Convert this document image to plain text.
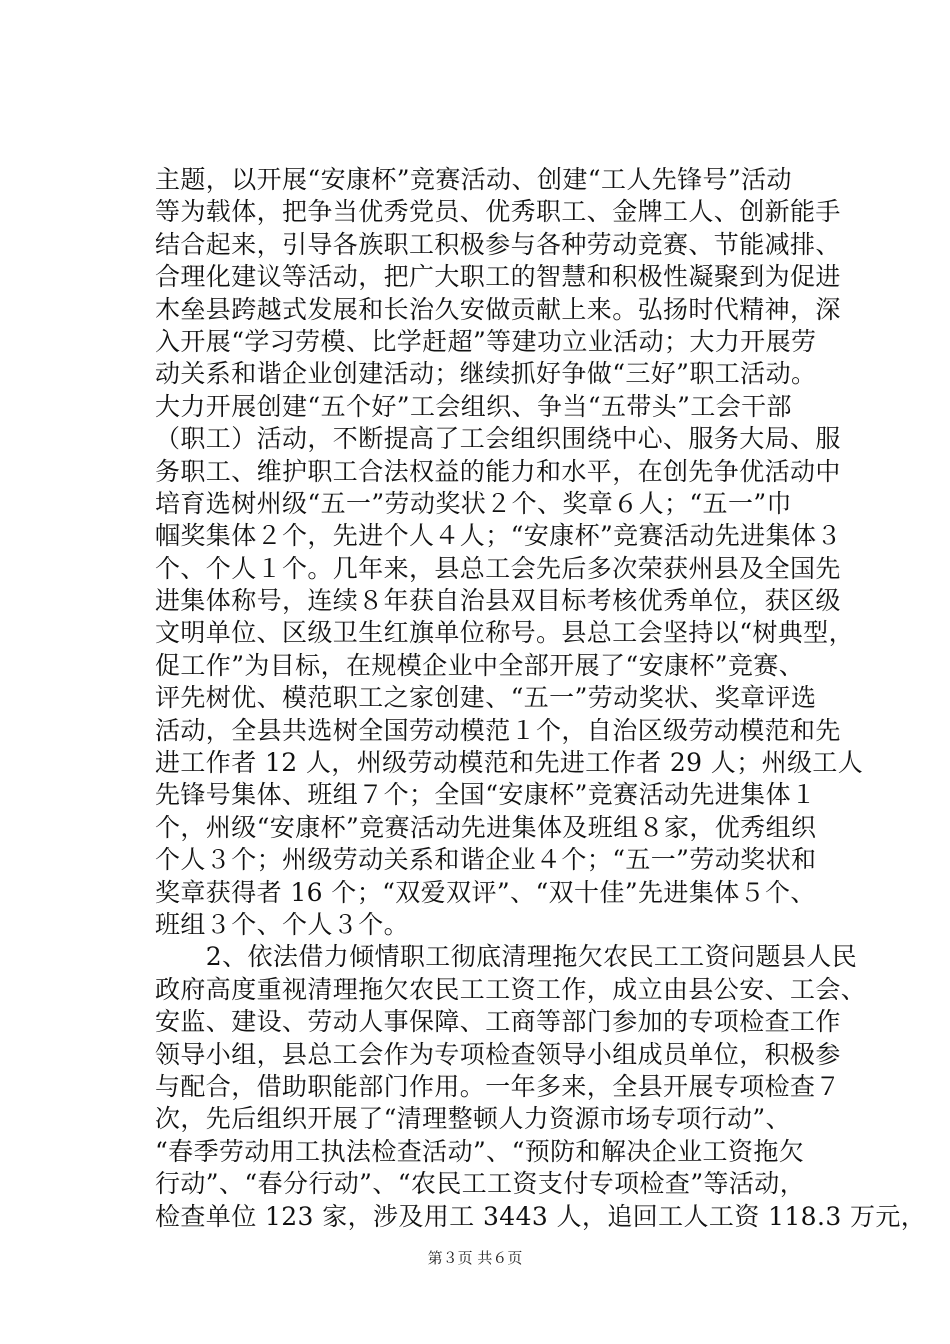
主题，以开展“安康杯”竞赛活动、创建“工人先锋号”活动
等为载体，把争当优秀党员、优秀职工、金牌工人、创新能手
结合起来，引导各族职工积极参与各种劳动竞赛、节能减排、
合理化建议等活动，把广大职工的智慧和积极性凝聚到为促进
木垒县跨越式发展和长治久安做贡献上来。弘扬时代精神，深
入开展“学习劳模、比学赶超”等建功立业活动；大力开展劳
动关系和谐企业创建活动；继续抓好争做“三好”职工活动。
大力开展创建“五个好”工会组织、争当“五带头”工会干部
（职工）活动，不断提高了工会组织围绕中心、服务大局、服
务职工、维护职工合法权益的能力和水平，在创先争优活动中
培育选树州级“五一”劳动奖状２个、奖章６人；“五一”巾
帼奖集体２个，先进个人４人；“安康杯”竞赛活动先进集体３
个、个人１个。几年来，县总工会先后多次荣获州县及全国先
进集体称号，连续８年获自治县双目标考核优秀单位，获区级
文明单位、区级卫生红旗单位称号。县总工会坚持以“树典型，
促工作”为目标，在规模企业中全部开展了“安康杯”竞赛、
评先树优、模范职工之家创建、“五一”劳动奖状、奖章评选
活动，全县共选树全国劳动模范１个，自治区级劳动模范和先
进工作者 12 人，州级劳动模范和先进工作者 29 人；州级工人
先锋号集体、班组７个；全国“安康杯”竞赛活动先进集体１
个，州级“安康杯”竞赛活动先进集体及班组８家，优秀组织
个人３个；州级劳动关系和谐企业４个；“五一”劳动奖状和
奖章获得者 16 个；“双爱双评”、“双十佳”先进集体５个、
班组３个、个人３个。
　　2、依法借力倾情职工彻底清理拖欠农民工工资问题县人民
政府高度重视清理拖欠农民工工资工作，成立由县公安、工会、
安监、建设、劳动人事保障、工商等部门参加的专项检查工作
领导小组，县总工会作为专项检查领导小组成员单位，积极参
与配合，借助职能部门作用。一年多来，全县开展专项检查７
次，先后组织开展了“清理整顿人力资源市场专项行动”、
“春季劳动用工执法检查活动”、“预防和解决企业工资拖欠
行动”、“春分行动”、“农民工工资支付专项检查”等活动，
检查单位 123 家，涉及用工 3443 人，追回工人工资 118.3 万元，
第３页 共６页
